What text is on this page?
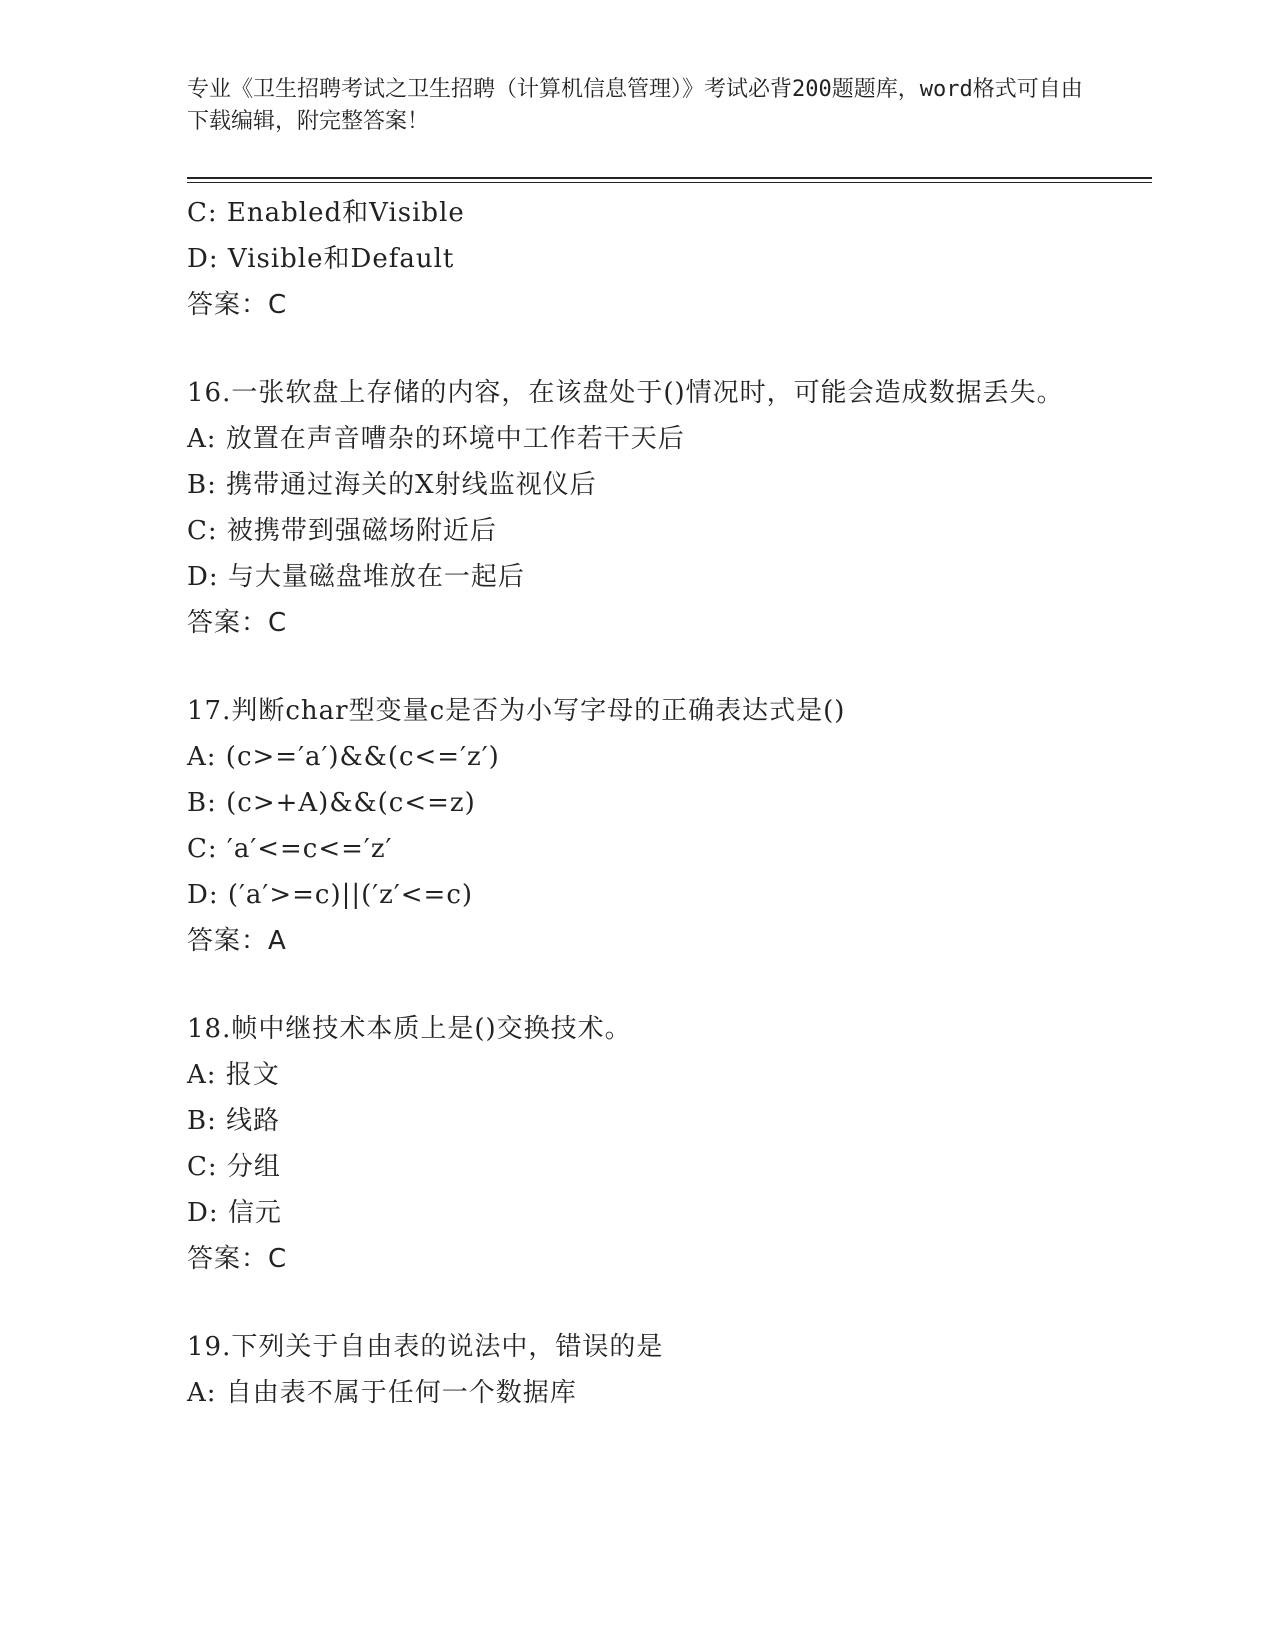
专业《卫生招聘考试之卫生招聘（计算机信息管理）》考试必背200题题库，word格式可自由下载编辑，附完整答案！
C: Enabled和Visible
D: Visible和Default
答案：C
16.一张软盘上存储的内容，在该盘处于()情况时，可能会造成数据丢失。
A: 放置在声音嘈杂的环境中工作若干天后
B: 携带通过海关的X射线监视仪后
C: 被携带到强磁场附近后
D: 与大量磁盘堆放在一起后
答案：C
17.判断char型变量c是否为小写字母的正确表达式是()
A: (c>=′a′)&&(c<=′z′)
B: (c>+A)&&(c<=z)
C: ′a′<=c<=′z′
D: (′a′>=c)||(′z′<=c)
答案：A
18.帧中继技术本质上是()交换技术。
A: 报文
B: 线路
C: 分组
D: 信元
答案：C
19.下列关于自由表的说法中，错误的是
A: 自由表不属于任何一个数据库
